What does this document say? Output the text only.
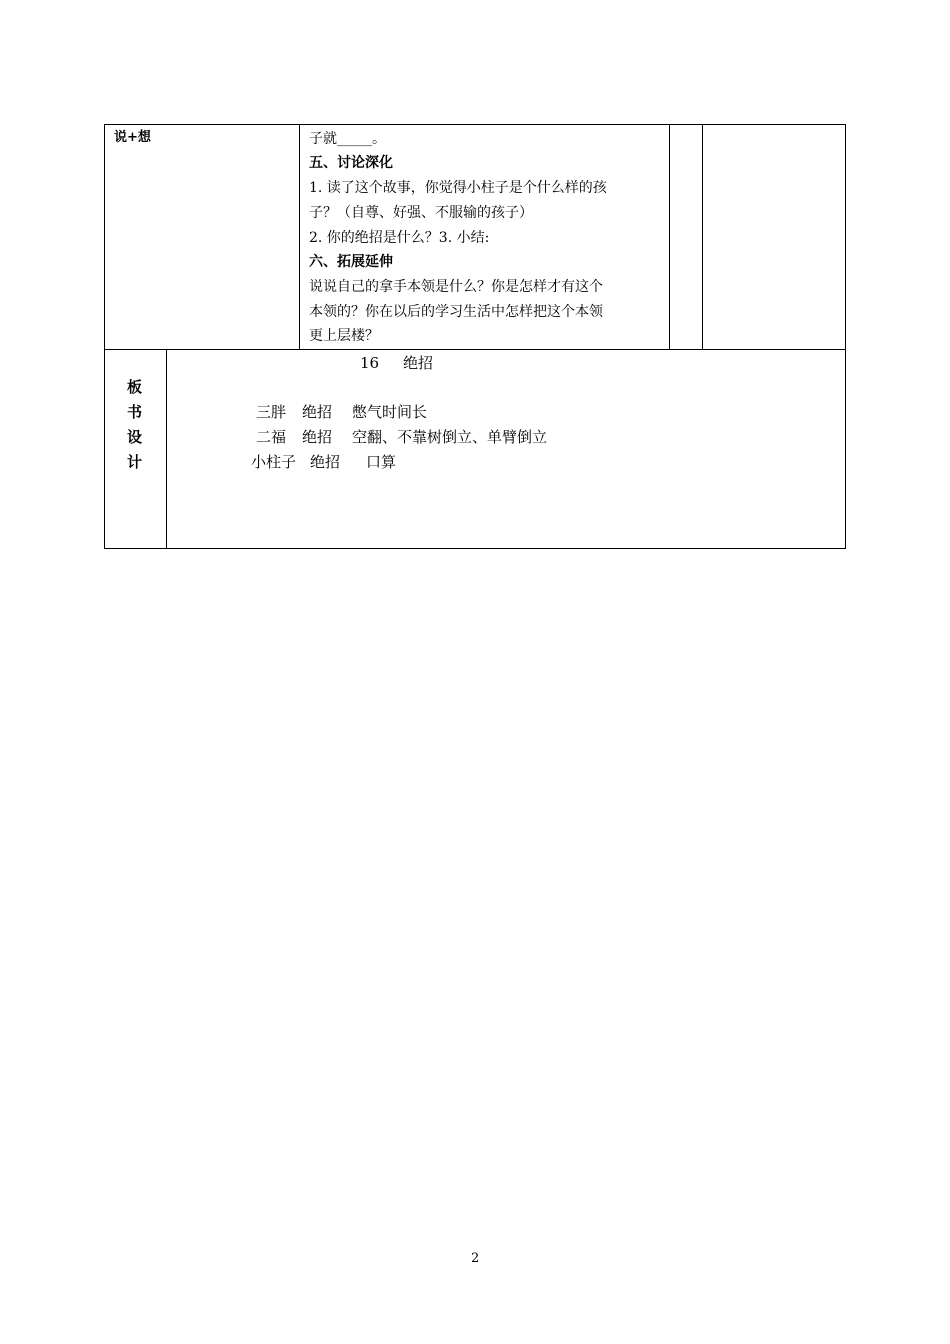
说+想	子就_____。
五、讨论深化
1. 读了这个故事，你觉得小柱子是个什么样的孩
子？（自尊、好强、不服输的孩子）
2. 你的绝招是什么？3. 小结:
六、拓展延伸
说说自己的拿手本领是什么？你是怎样才有这个
本领的？你在以后的学习生活中怎样把这个本领
更上层楼？
板
书
设
计
16 绝招
三胖 绝招 憋气时间长
二福 绝招 空翻、不靠树倒立、单臂倒立
小柱子 绝招 口算
2
